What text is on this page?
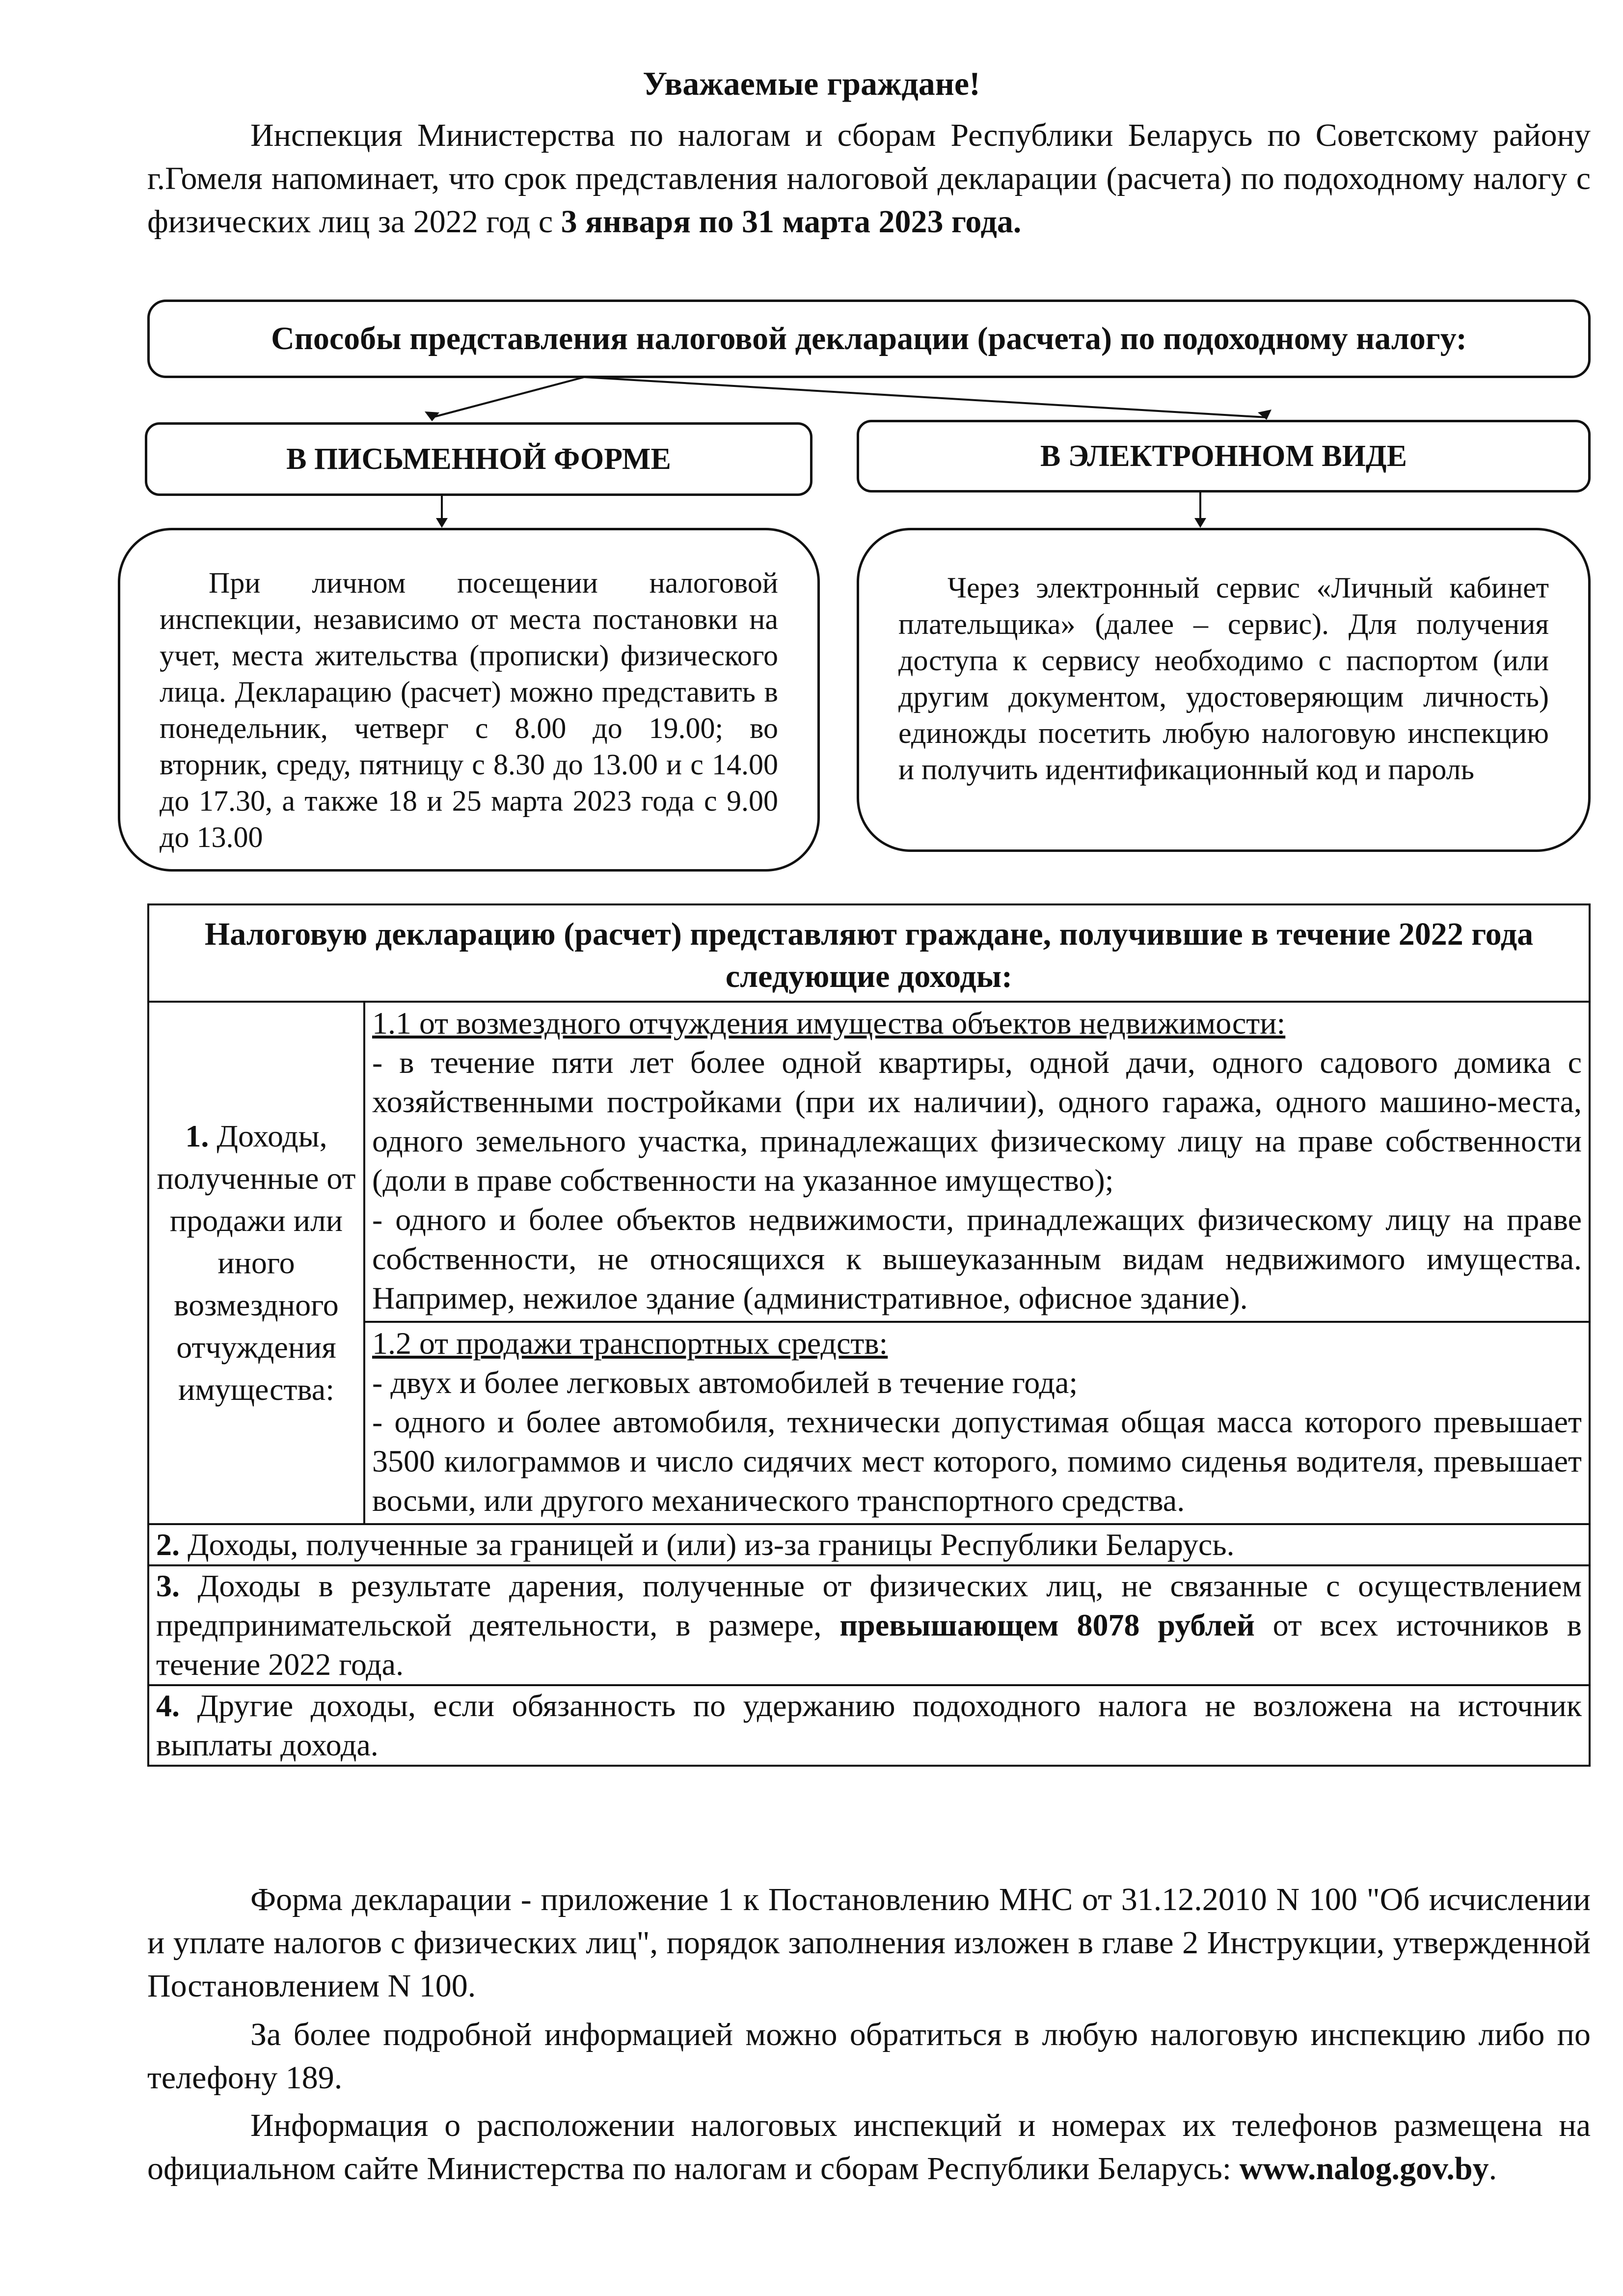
Уважаемые граждане!

Инспекция Министерства по налогам и сборам Республики Беларусь по Советскому району г.Гомеля напоминает, что срок представления налоговой декларации (расчета) по подоходному налогу с физических лиц за 2022 год с 3 января по 31 марта 2023 года.

Способы представления налоговой декларации (расчета) по подоходному налогу:
В ПИСЬМЕННОЙ ФОРМЕ	В ЭЛЕКТРОННОМ ВИДЕ
При личном посещении налоговой инспекции, независимо от места постановки на учет, места жительства (прописки) физического лица. Декларацию (расчет) можно представить в понедельник, четверг с 8.00 до 19.00; во вторник, среду, пятницу с 8.30 до 13.00 и с 14.00 до 17.30, а также 18 и 25 марта 2023 года с 9.00 до 13.00
Через электронный сервис «Личный кабинет плательщика» (далее – сервис). Для получения доступа к сервису необходимо с паспортом (или другим документом, удостоверяющим личность) единожды посетить любую налоговую инспекцию и получить идентификационный код и пароль
Налоговую декларацию (расчет) представляют граждане, получившие в течение 2022 года следующие доходы:
1. Доходы, полученные от продажи или иного возмездного отчуждения имущества:	
1.1 от возмездного отчуждения имущества объектов недвижимости:
- в течение пяти лет более одной квартиры, одной дачи, одного садового домика с хозяйственными постройками (при их наличии), одного гаража, одного машино-места, одного земельного участка, принадлежащих физическому лицу на праве собственности (доли в праве собственности на указанное имущество);
- одного и более объектов недвижимости, принадлежащих физическому лицу на праве собственности, не относящихся к вышеуказанным видам недвижимого имущества. Например, нежилое здание (административное, офисное здание).

1.2 от продажи транспортных средств:
- двух и более легковых автомобилей в течение года;
- одного и более автомобиля, технически допустимая общая масса которого превышает 3500 килограммов и число сидячих мест которого, помимо сиденья водителя, превышает восьми, или другого механического транспортного средства.

2. Доходы, полученные за границей и (или) из-за границы Республики Беларусь.
3. Доходы в результате дарения, полученные от физических лиц, не связанные с осуществлением предпринимательской деятельности, в размере, превышающем 8078 рублей от всех источников в течение 2022 года.
4. Другие доходы, если обязанность по удержанию подоходного налога не возложена на источник выплаты дохода.

Форма декларации - приложение 1 к Постановлению МНС от 31.12.2010 N 100 "Об исчислении и уплате налогов с физических лиц", порядок заполнения изложен в главе 2 Инструкции, утвержденной Постановлением N 100.

За более подробной информацией можно обратиться в любую налоговую инспекцию либо по телефону 189.

Информация о расположении налоговых инспекций и номерах их телефонов размещена на официальном сайте Министерства по налогам и сборам Республики Беларусь: www.nalog.gov.by.
